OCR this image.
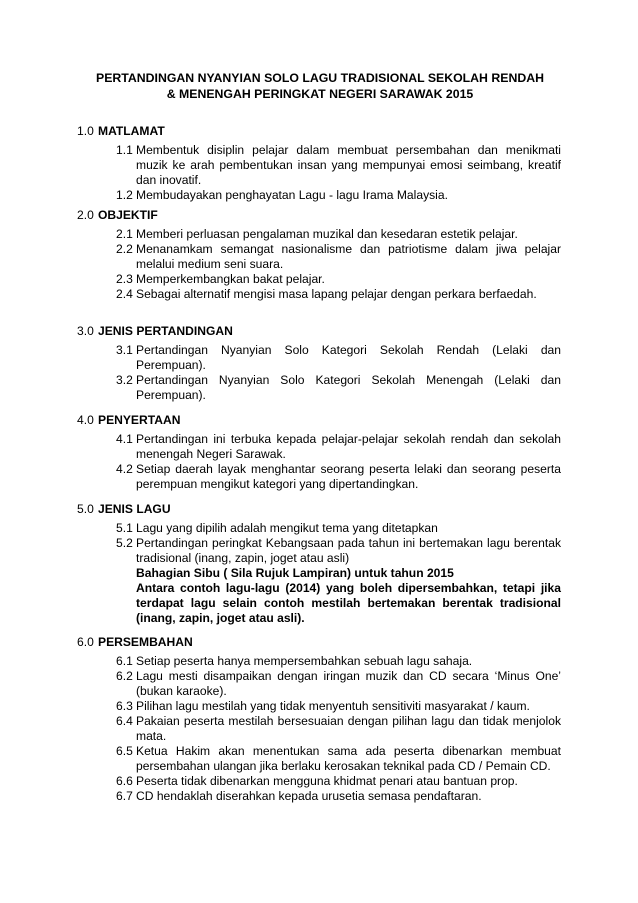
PERTANDINGAN NYANYIAN SOLO LAGU TRADISIONAL SEKOLAH RENDAH
& MENENGAH PERINGKAT NEGERI SARAWAK 2015
1.0 MATLAMAT
1.1 Membentuk disiplin pelajar dalam membuat persembahan dan menikmati muzik ke arah pembentukan insan yang mempunyai emosi seimbang, kreatif dan inovatif.
1.2 Membudayakan penghayatan Lagu - lagu Irama Malaysia.
2.0 OBJEKTIF
2.1 Memberi perluasan pengalaman muzikal dan kesedaran estetik pelajar.
2.2 Menanamkam semangat nasionalisme dan patriotisme dalam jiwa pelajar melalui medium seni suara.
2.3 Memperkembangkan bakat pelajar.
2.4 Sebagai alternatif mengisi masa lapang pelajar dengan perkara berfaedah.
3.0 JENIS PERTANDINGAN
3.1 Pertandingan Nyanyian Solo Kategori Sekolah Rendah (Lelaki dan Perempuan).
3.2 Pertandingan Nyanyian Solo Kategori Sekolah Menengah (Lelaki dan Perempuan).
4.0 PENYERTAAN
4.1 Pertandingan ini terbuka kepada pelajar-pelajar sekolah rendah dan sekolah menengah Negeri Sarawak.
4.2 Setiap daerah layak menghantar seorang peserta lelaki dan seorang peserta perempuan mengikut kategori yang dipertandingkan.
5.0 JENIS LAGU
5.1 Lagu yang dipilih adalah mengikut tema yang ditetapkan
5.2 Pertandingan peringkat Kebangsaan pada tahun ini bertemakan lagu berentak tradisional (inang, zapin, joget atau asli)
Bahagian Sibu ( Sila Rujuk Lampiran) untuk tahun 2015
Antara contoh lagu-lagu (2014) yang boleh dipersembahkan, tetapi jika terdapat lagu selain contoh mestilah bertemakan berentak tradisional (inang, zapin, joget atau asli).
6.0 PERSEMBAHAN
6.1 Setiap peserta hanya mempersembahkan sebuah lagu sahaja.
6.2 Lagu mesti disampaikan dengan iringan muzik dan CD secara ‘Minus One’ (bukan karaoke).
6.3 Pilihan lagu mestilah yang tidak menyentuh sensitiviti masyarakat / kaum.
6.4 Pakaian peserta mestilah bersesuaian dengan pilihan lagu dan tidak menjolok mata.
6.5 Ketua Hakim akan menentukan sama ada peserta dibenarkan membuat persembahan ulangan jika berlaku kerosakan teknikal pada CD / Pemain CD.
6.6 Peserta tidak dibenarkan mengguna khidmat penari atau bantuan prop.
6.7 CD hendaklah diserahkan kepada urusetia semasa pendaftaran.
